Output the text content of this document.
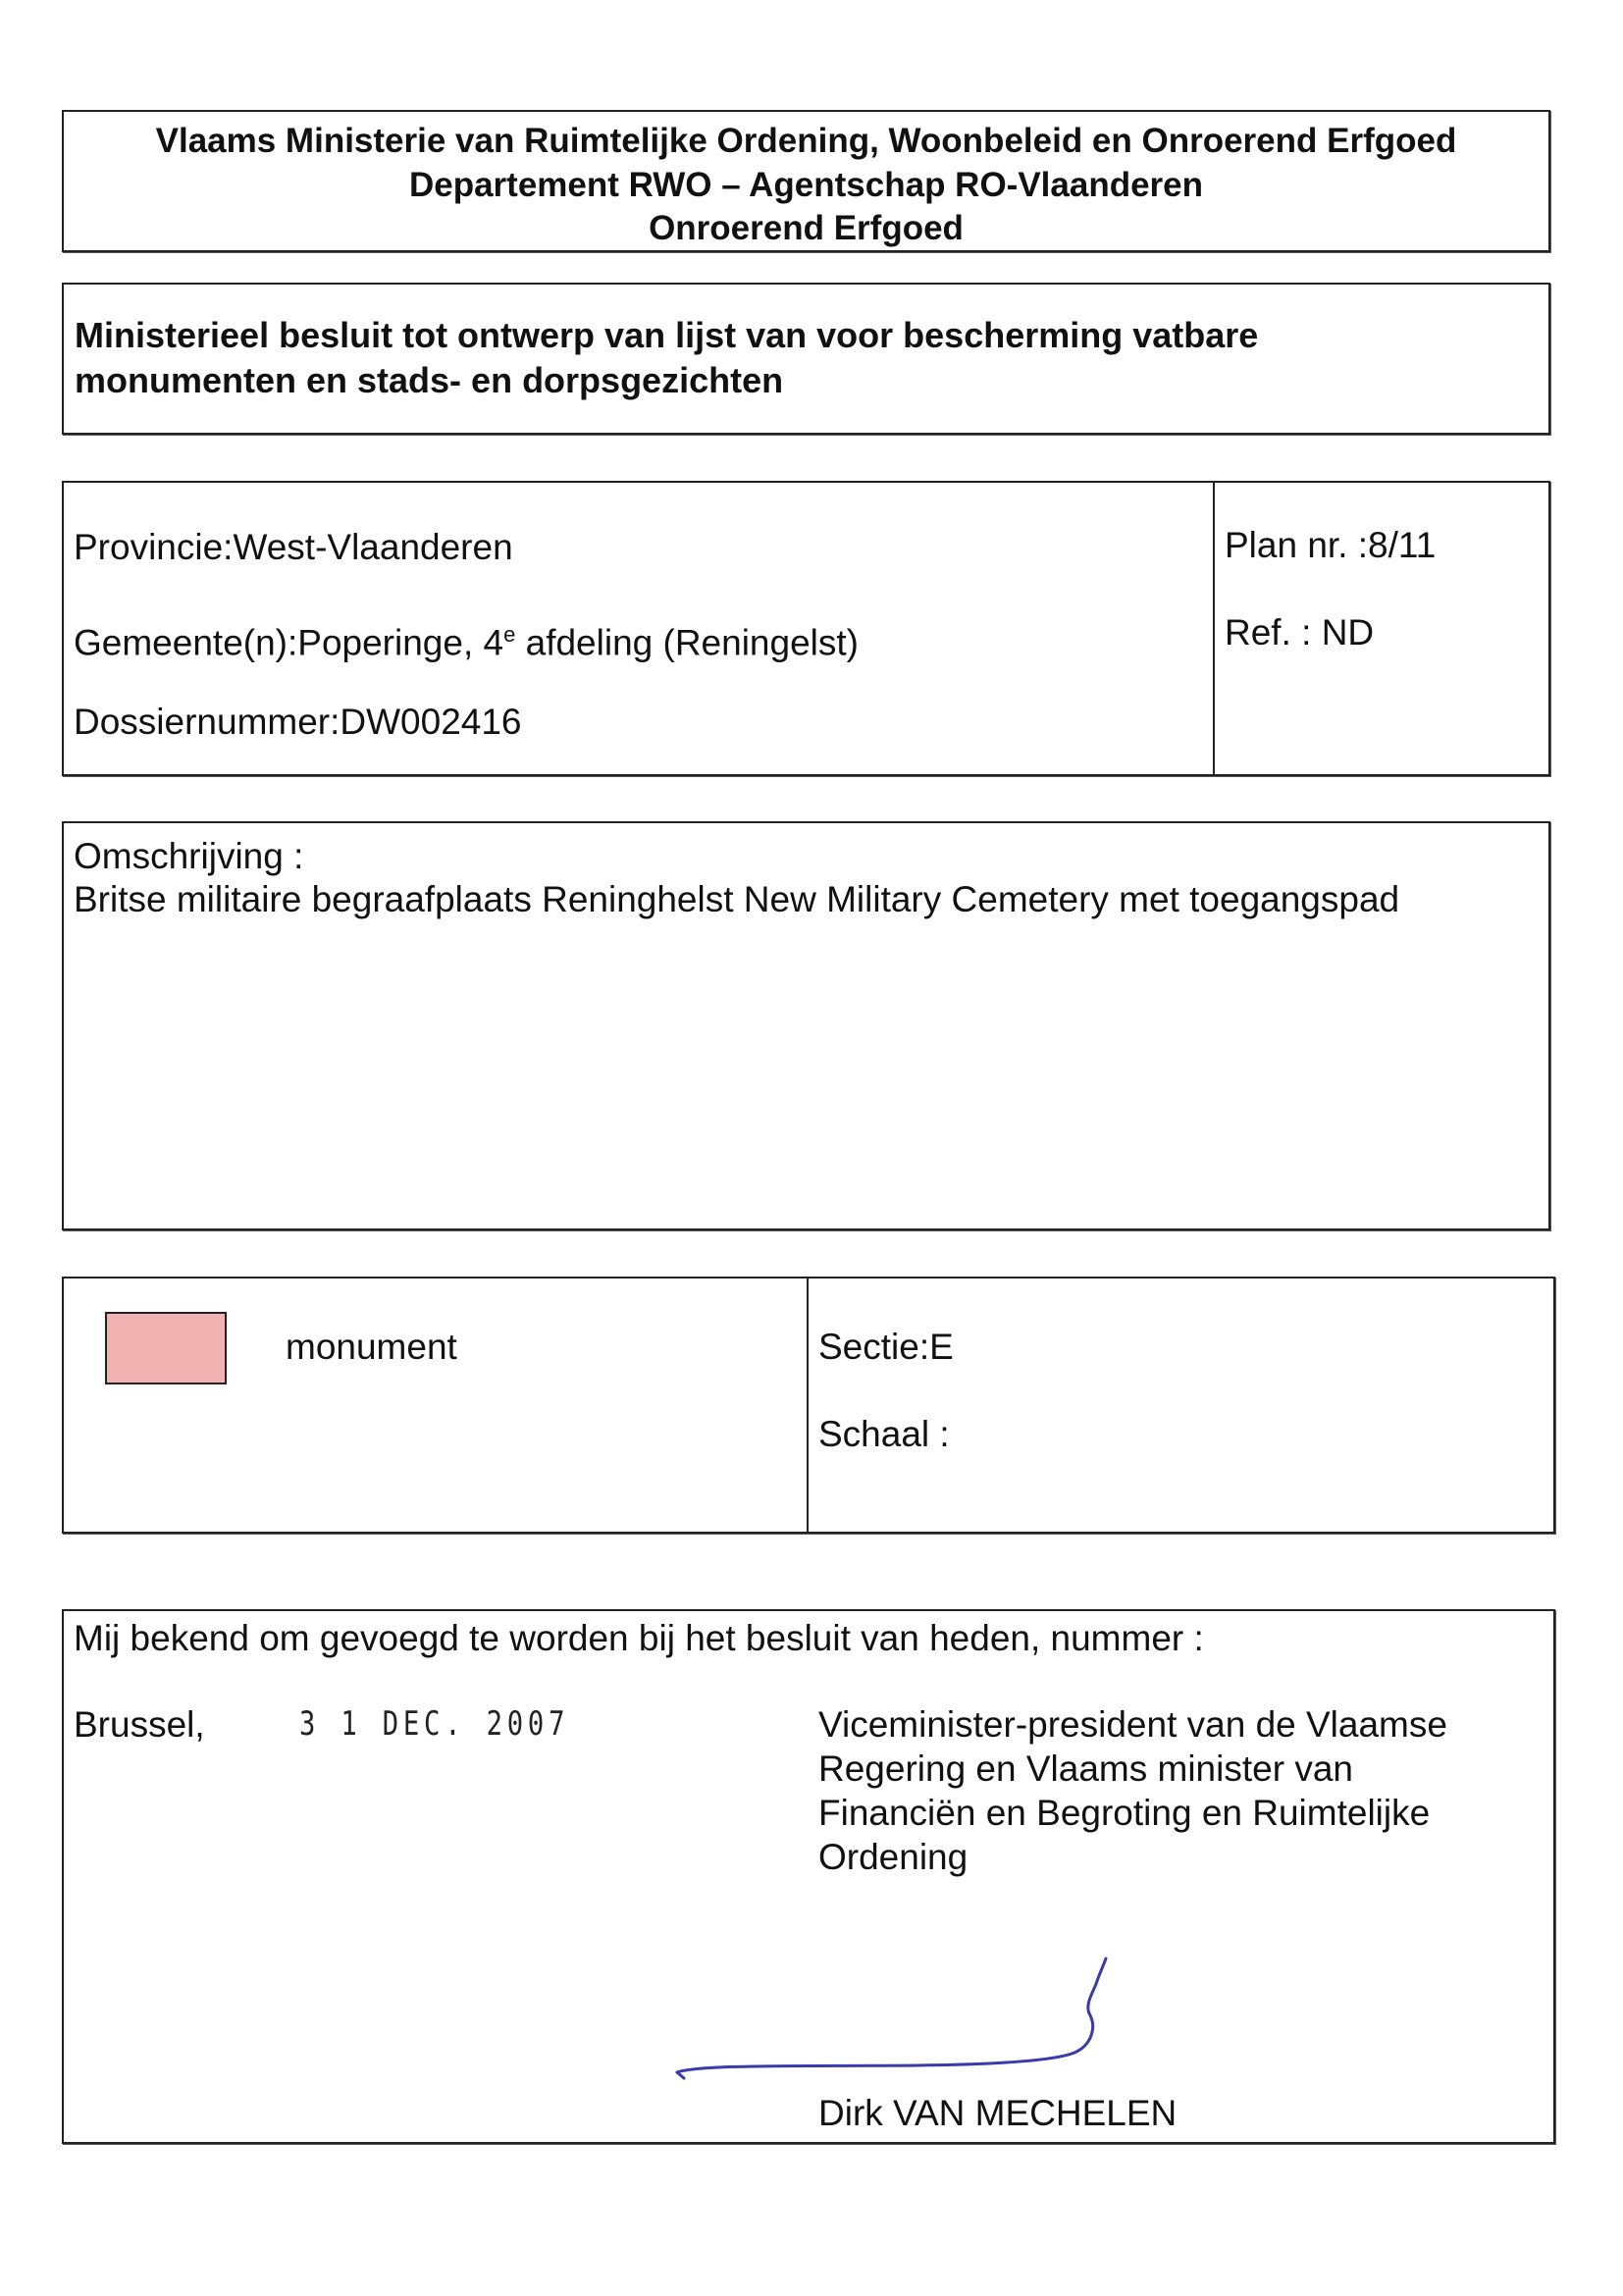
Vlaams Ministerie van Ruimtelijke Ordening, Woonbeleid en Onroerend Erfgoed
Departement RWO – Agentschap RO-Vlaanderen
Onroerend Erfgoed
Ministerieel besluit tot ontwerp van lijst van voor bescherming vatbare
monumenten en stads- en dorpsgezichten
Provincie:West-Vlaanderen
Gemeente(n):Poperinge, 4e afdeling (Reningelst)
Dossiernummer:DW002416
Plan nr. :8/11
Ref. : ND
Omschrijving :
Britse militaire begraafplaats Reninghelst New Military Cemetery met toegangspad
monument	Sectie:E
Schaal :
Mij bekend om gevoegd te worden bij het besluit van heden, nummer :
Brussel,	3 1 DEC. 2007	Viceminister-president van de Vlaamse
Regering en Vlaams minister van
Financiën en Begroting en Ruimtelijke
Ordening
Dirk VAN MECHELEN
